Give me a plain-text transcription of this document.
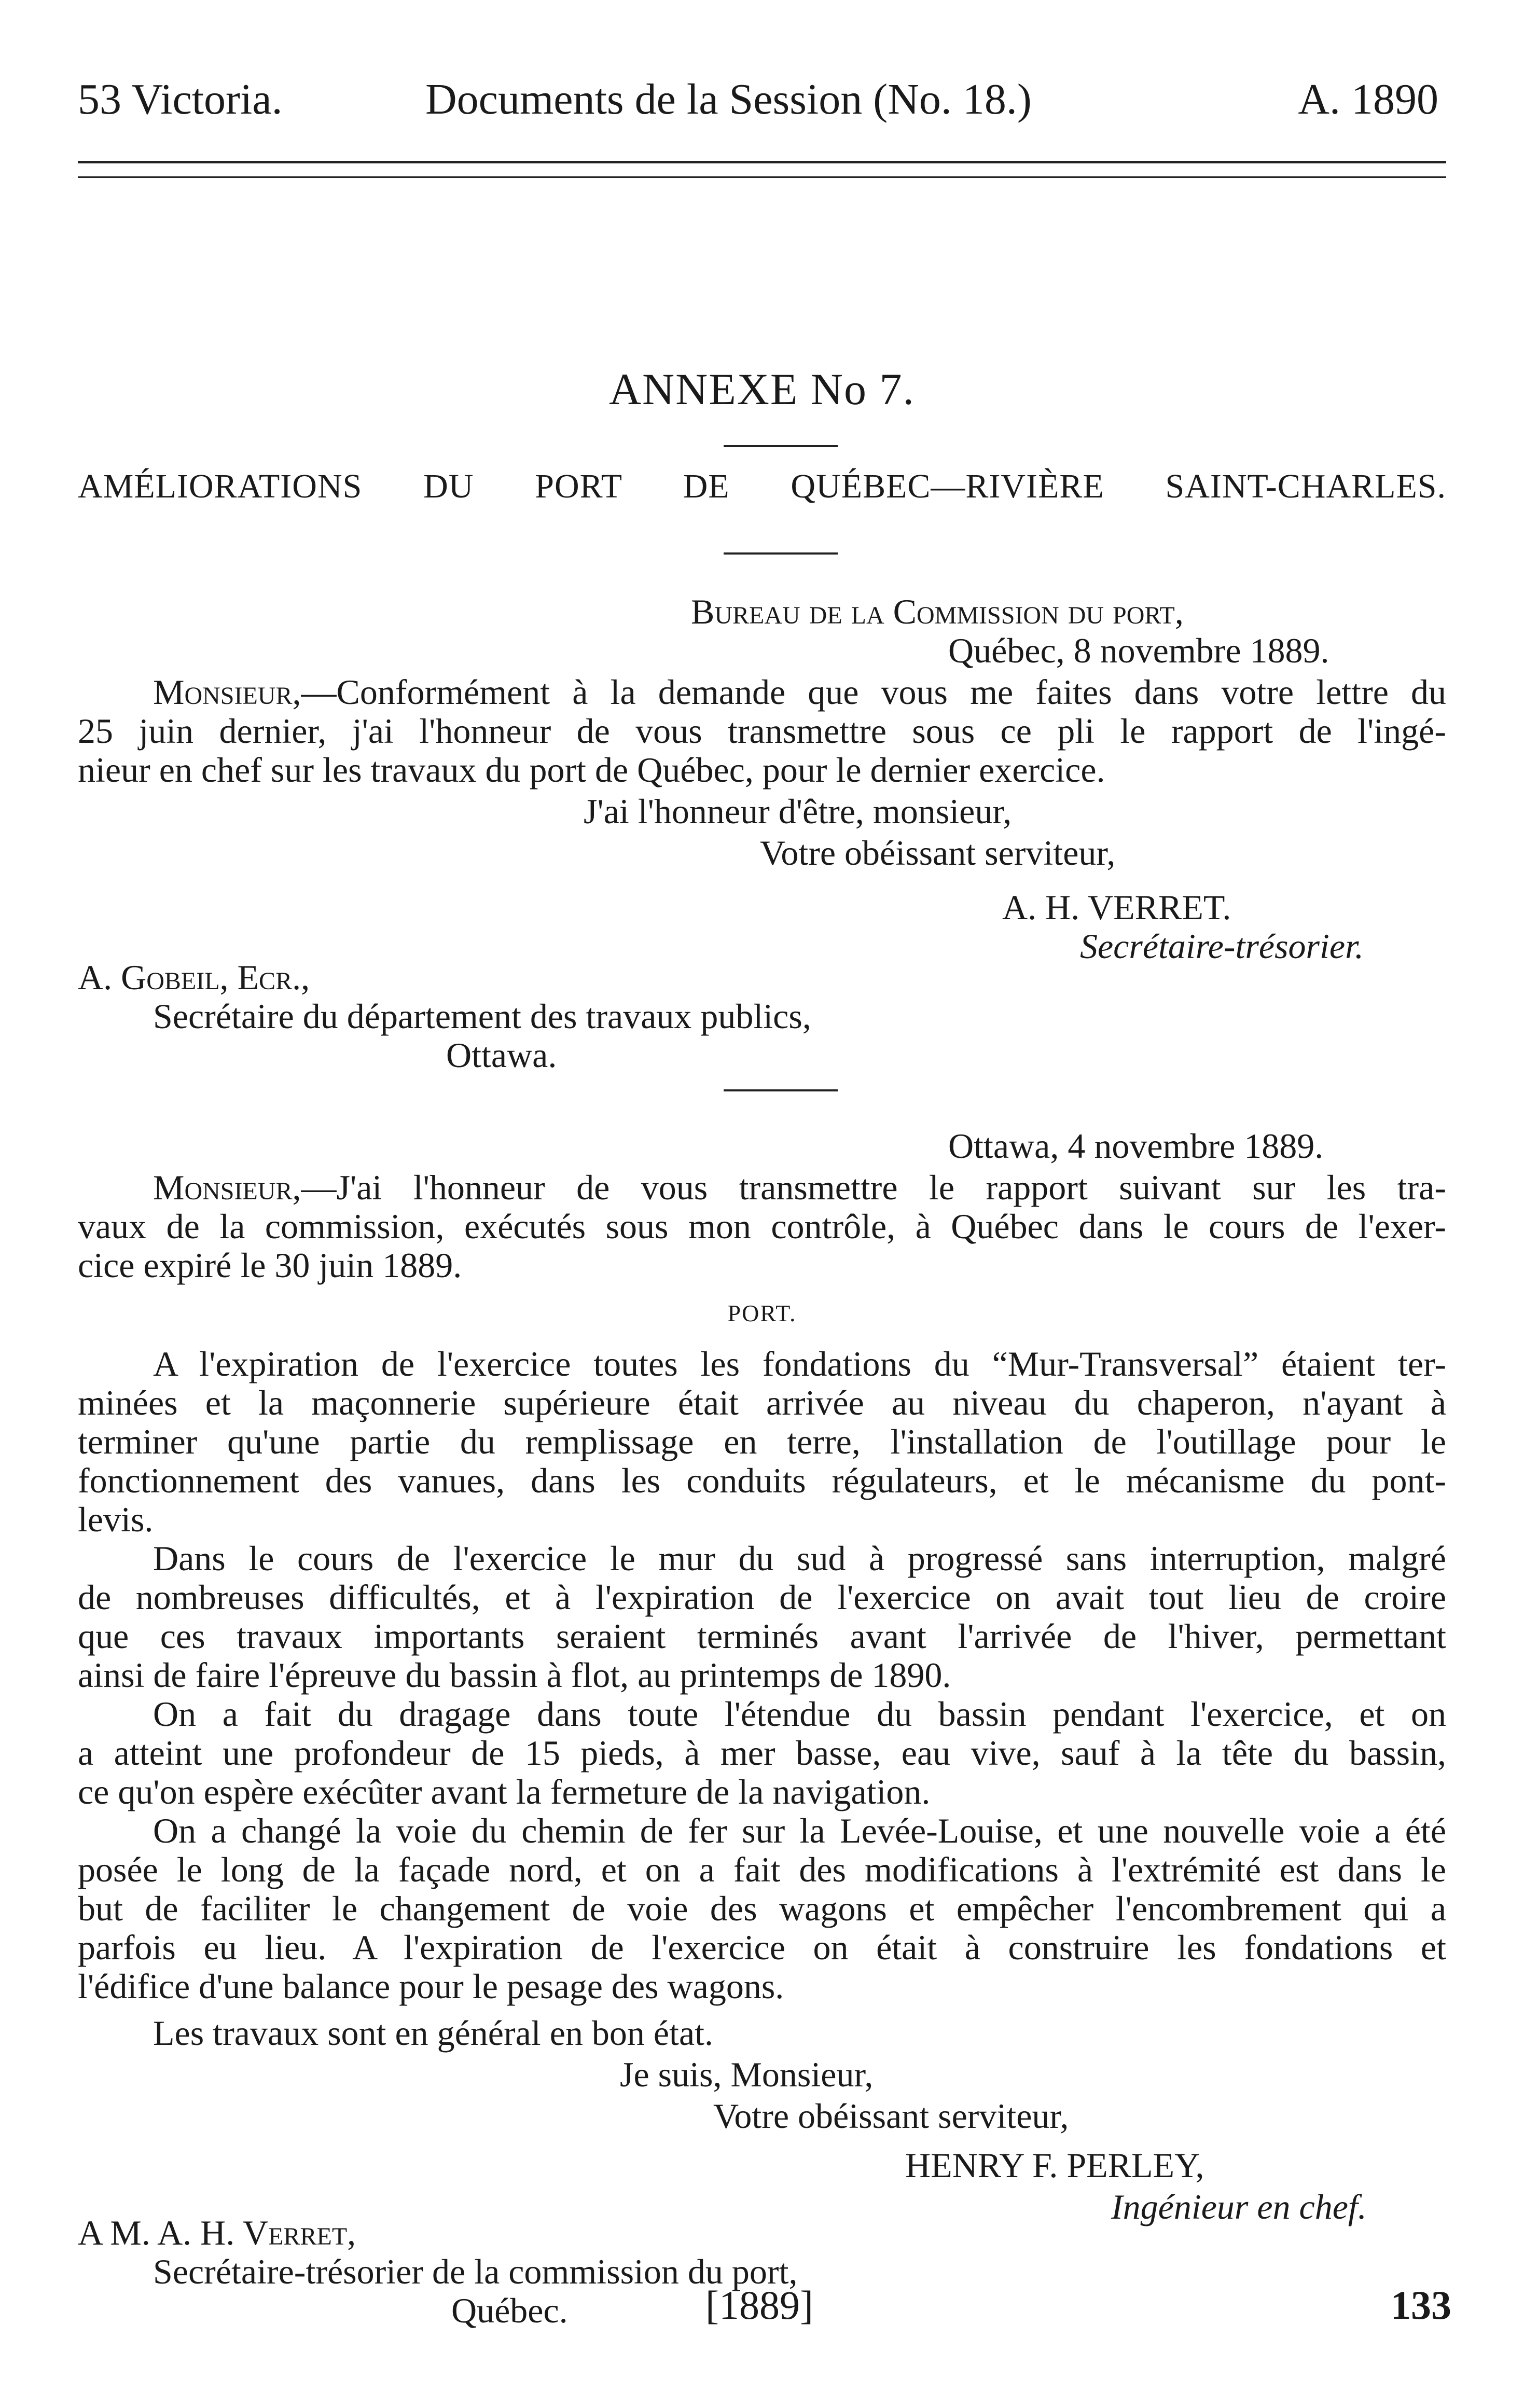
53 Victoria.	Documents de la Session (No. 18.)	A. 1890
ANNEXE No 7.
AMÉLIORATIONS DU PORT DE QUÉBEC—RIVIÈRE SAINT-CHARLES.
Bureau de la Commission du port,
Québec, 8 novembre 1889.
Monsieur,—Conformément à la demande que vous me faites dans votre lettre du
25 juin dernier, j'ai l'honneur de vous transmettre sous ce pli le rapport de l'ingé-
nieur en chef sur les travaux du port de Québec, pour le dernier exercice.
J'ai l'honneur d'être, monsieur,
Votre obéissant serviteur,
A. H. VERRET.
Secrétaire-trésorier.
A. Gobeil, Ecr.,
Secrétaire du département des travaux publics,
Ottawa.
Ottawa, 4 novembre 1889.
Monsieur,—J'ai l'honneur de vous transmettre le rapport suivant sur les tra-
vaux de la commission, exécutés sous mon contrôle, à Québec dans le cours de l'exer-
cice expiré le 30 juin 1889.
PORT.
A l'expiration de l'exercice toutes les fondations du “Mur-Transversal” étaient ter-
minées et la maçonnerie supérieure était arrivée au niveau du chaperon, n'ayant à
terminer qu'une partie du remplissage en terre, l'installation de l'outillage pour le
fonctionnement des vanues, dans les conduits régulateurs, et le mécanisme du pont-
levis.
Dans le cours de l'exercice le mur du sud à progressé sans interruption, malgré
de nombreuses difficultés, et à l'expiration de l'exercice on avait tout lieu de croire
que ces travaux importants seraient terminés avant l'arrivée de l'hiver, permettant
ainsi de faire l'épreuve du bassin à flot, au printemps de 1890.
On a fait du dragage dans toute l'étendue du bassin pendant l'exercice, et on
a atteint une profondeur de 15 pieds, à mer basse, eau vive, sauf à la tête du bassin,
ce qu'on espère exécûter avant la fermeture de la navigation.
On a changé la voie du chemin de fer sur la Levée-Louise, et une nouvelle voie a été
posée le long de la façade nord, et on a fait des modifications à l'extrémité est dans le
but de faciliter le changement de voie des wagons et empêcher l'encombrement qui a
parfois eu lieu. A l'expiration de l'exercice on était à construire les fondations et
l'édifice d'une balance pour le pesage des wagons.
Les travaux sont en général en bon état.
Je suis, Monsieur,
Votre obéissant serviteur,
HENRY F. PERLEY,
Ingénieur en chef.
A M. A. H. Verret,
Secrétaire-trésorier de la commission du port,
Québec.	[1889]	133
